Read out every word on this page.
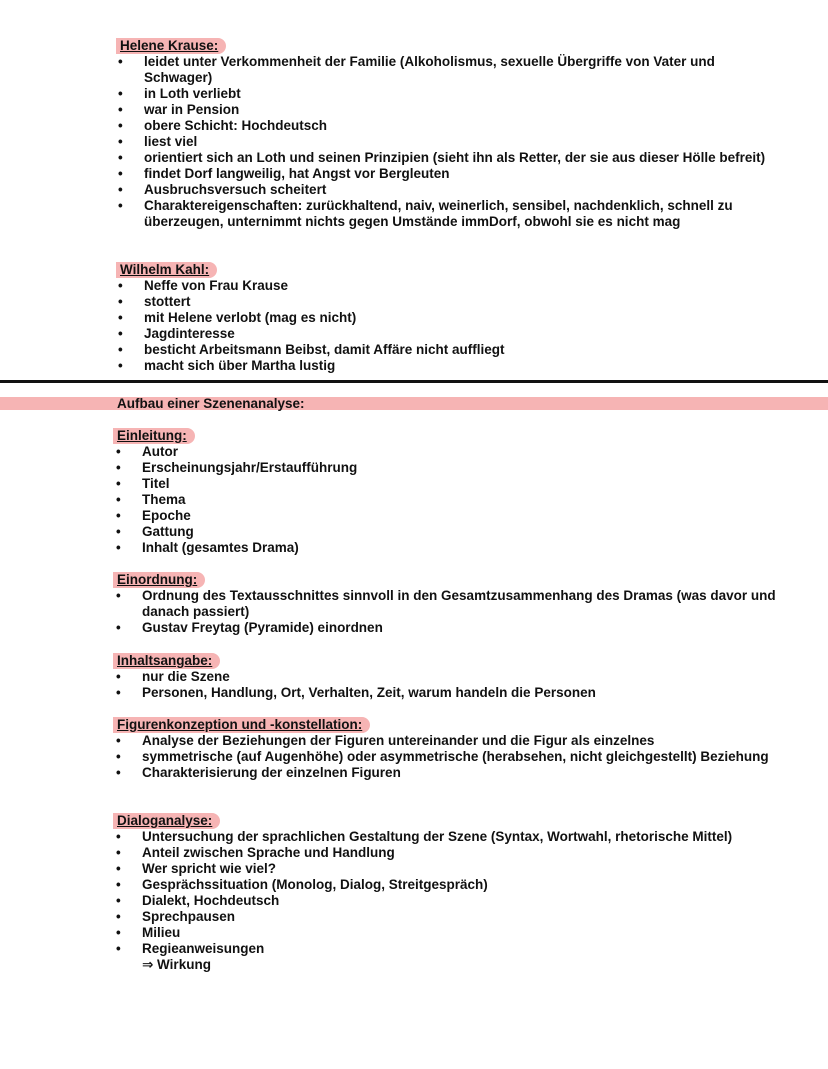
Helene Krause:
• leidet unter Verkommenheit der Familie (Alkoholismus, sexuelle Übergriffe von Vater und Schwager)
• in Loth verliebt
• war in Pension
• obere Schicht: Hochdeutsch
• liest viel
• orientiert sich an Loth und seinen Prinzipien (sieht ihn als Retter, der sie aus dieser Hölle befreit)
• findet Dorf langweilig, hat Angst vor Bergleuten
• Ausbruchsversuch scheitert
• Charaktereigenschaften: zurückhaltend, naiv, weinerlich, sensibel, nachdenklich, schnell zu überzeugen, unternimmt nichts gegen Umstände immDorf, obwohl sie es nicht mag
Wilhelm Kahl:
• Neffe von Frau Krause
• stottert
• mit Helene verlobt (mag es nicht)
• Jagdinteresse
• besticht Arbeitsmann Beibst, damit Affäre nicht auffliegt
• macht sich über Martha lustig
Aufbau einer Szenenanalyse:
Einleitung:
• Autor
• Erscheinungsjahr/Erstaufführung
• Titel
• Thema
• Epoche
• Gattung
• Inhalt (gesamtes Drama)
Einordnung:
• Ordnung des Textausschnittes sinnvoll in den Gesamtzusammenhang des Dramas (was davor und danach passiert)
• Gustav Freytag (Pyramide) einordnen
Inhaltsangabe:
• nur die Szene
• Personen, Handlung, Ort, Verhalten, Zeit, warum handeln die Personen
Figurenkonzeption und -konstellation:
• Analyse der Beziehungen der Figuren untereinander und die Figur als einzelnes
• symmetrische (auf Augenhöhe) oder asymmetrische (herabsehen, nicht gleichgestellt) Beziehung
• Charakterisierung der einzelnen Figuren
Dialoganalyse:
• Untersuchung der sprachlichen Gestaltung der Szene (Syntax, Wortwahl, rhetorische Mittel)
• Anteil zwischen Sprache und Handlung
• Wer spricht wie viel?
• Gesprächssituation (Monolog, Dialog, Streitgespräch)
• Dialekt, Hochdeutsch
• Sprechpausen
• Milieu
• Regieanweisungen
⇒ Wirkung
